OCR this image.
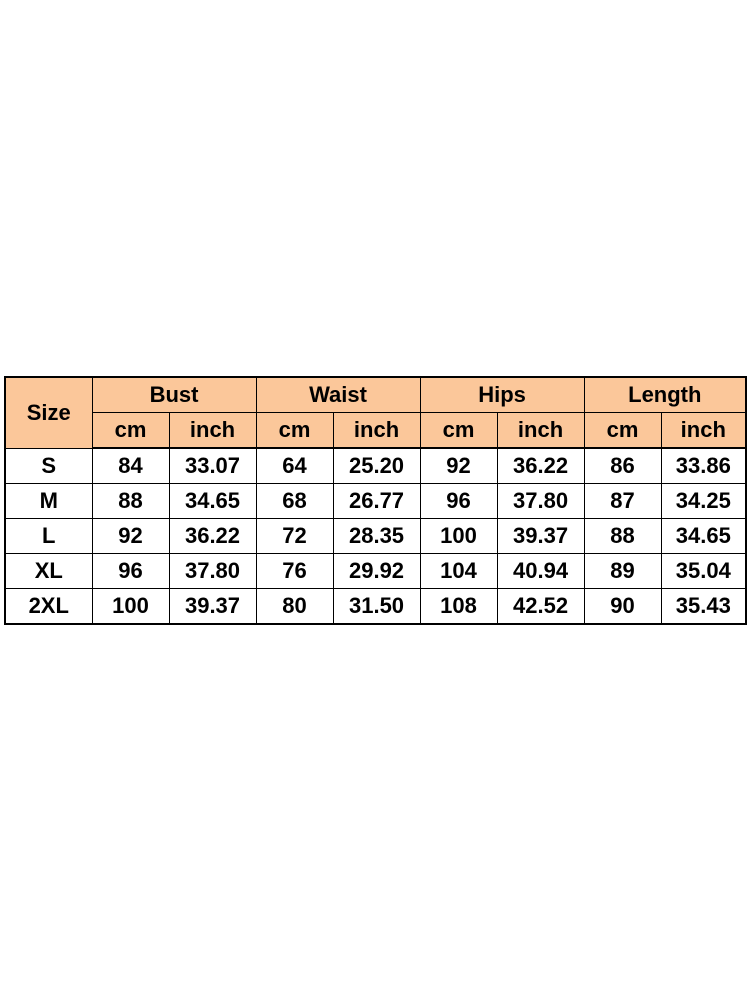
Size	Bust		Waist		Hips		Length	
	cm	inch	cm	inch	cm	inch	cm	inch
S	84	33.07	64	25.20	92	36.22	86	33.86
M	88	34.65	68	26.77	96	37.80	87	34.25
L	92	36.22	72	28.35	100	39.37	88	34.65
XL	96	37.80	76	29.92	104	40.94	89	35.04
2XL	100	39.37	80	31.50	108	42.52	90	35.43
